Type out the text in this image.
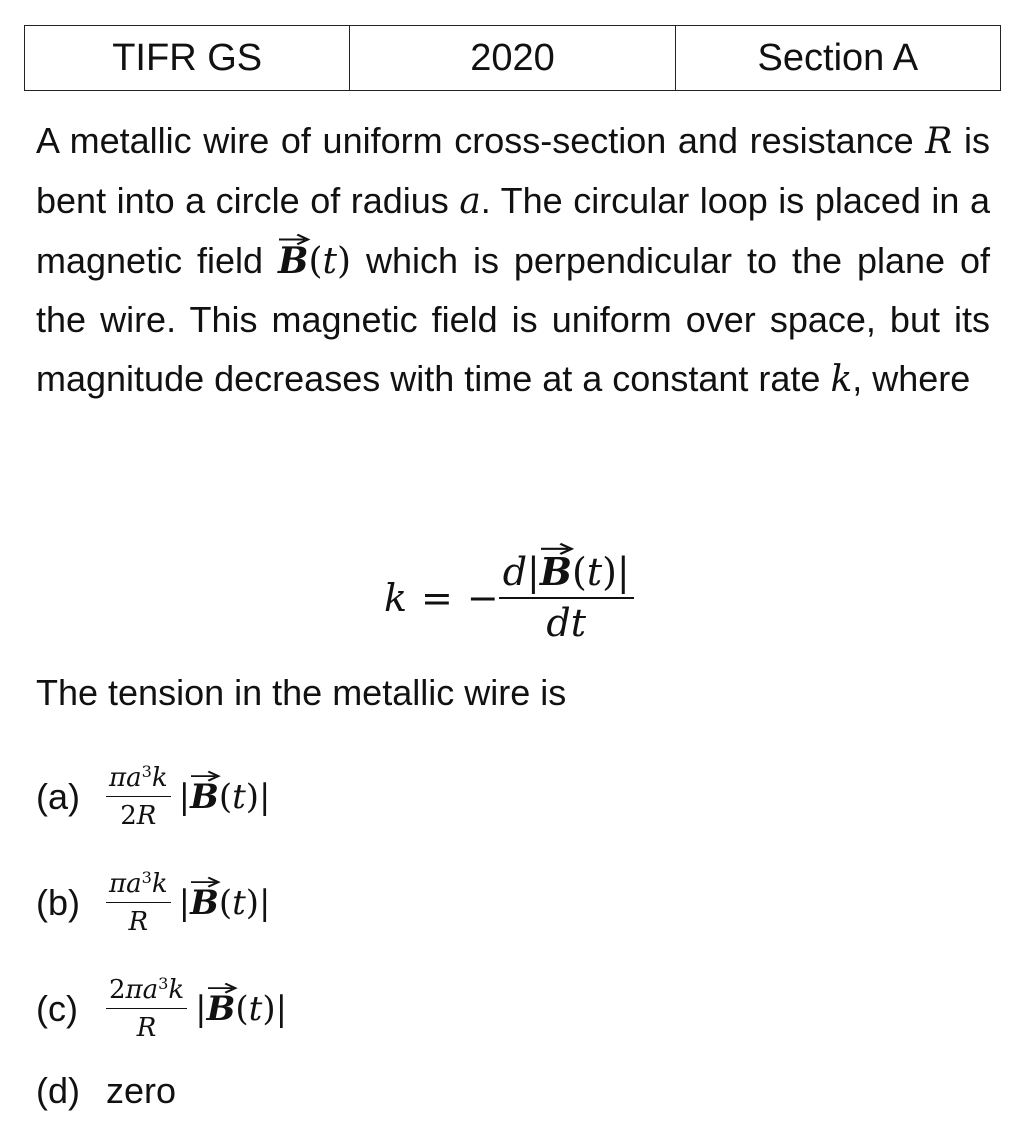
TIFR GS	2020	Section A

A metallic wire of uniform cross-section and resistance R is bent into a circle of radius a. The circular loop is placed in a magnetic field
B(t) which is perpendicular to the plane of the wire. This magnetic field is uniform over space, but its magnitude decreases with time at a constant rate k, where

k = − d|
B(t)|
dt

The tension in the metallic wire is

(a)	$\frac{\pi a^3k}{2R}$ |
B(t)|
(b)	$\frac{\pi a^3k}{R}$ |
B(t)|
(c)	$\frac{2\pi a^3k}{R}$ |
B(t)|
(d) zero
